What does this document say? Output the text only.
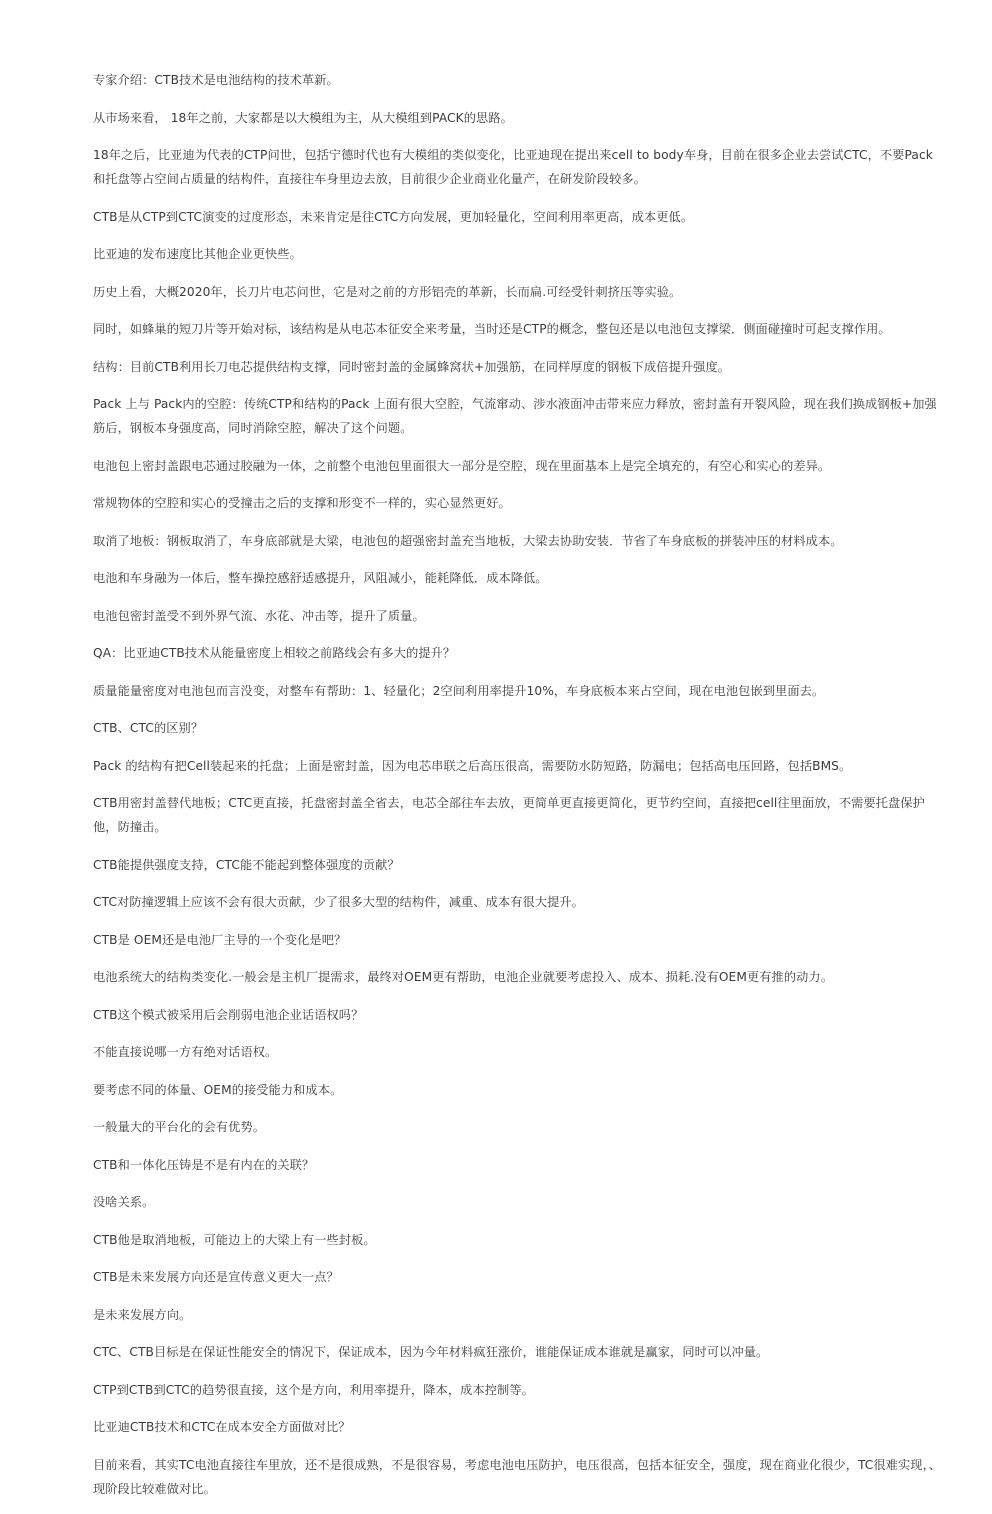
专家介绍：CTB技术是电池结构的技术革新。

从市场来看， 18年之前，大家都是以大模组为主，从大模组到PACK的思路。

18年之后，比亚迪为代表的CTP问世，包括宁德时代也有大模组的类似变化，比亚迪现在提出来cell to body车身，目前在很多企业去尝试CTC，不要Pack和托盘等占空间占质量的结构件，直接往车身里边去放，目前很少企业商业化量产，在研发阶段较多。

CTB是从CTP到CTC演变的过度形态，未来肯定是往CTC方向发展，更加轻量化，空间利用率更高，成本更低。

比亚迪的发布速度比其他企业更快些。

历史上看，大概2020年，长刀片电芯问世，它是对之前的方形铝壳的革新，长而扁.可经受针刺挤压等实验。

同时，如蜂巢的短刀片等开始对标，该结构是从电芯本征安全来考量，当时还是CTP的概念，整包还是以电池包支撑梁．侧面碰撞时可起支撑作用。

结构：目前CTB利用长刀电芯提供结构支撑，同时密封盖的金属蜂窝状+加强筋，在同样厚度的钢板下成倍提升强度。

Pack 上与 Pack内的空腔：传统CTP和结构的Pack 上面有很大空腔，气流窜动、涉水液面冲击带来应力释放，密封盖有开裂风险，现在我们换成钢板+加强筋后，钢板本身强度高，同时消除空腔，解决了这个问题。

电池包上密封盖跟电芯通过胶融为一体，之前整个电池包里面很大一部分是空腔，现在里面基本上是完全填充的，有空心和实心的差异。

常规物体的空腔和实心的受撞击之后的支撑和形变不一样的，实心显然更好。

取消了地板：钢板取消了，车身底部就是大梁，电池包的超强密封盖充当地板，大梁去协助安装．节省了车身底板的拼装冲压的材料成本。

电池和车身融为一体后，整车操控感舒适感提升，风阻减小，能耗降低．成本降低。

电池包密封盖受不到外界气流、水花、冲击等，提升了质量。

QA：比亚迪CTB技术从能量密度上相较之前路线会有多大的提升？

质量能量密度对电池包而言没变，对整车有帮助：1、轻量化；2空间利用率提升10%，车身底板本来占空间，现在电池包嵌到里面去。

CTB、CTC的区别？

Pack 的结构有把Cell装起来的托盘；上面是密封盖，因为电芯串联之后高压很高，需要防水防短路，防漏电；包括高电压回路，包括BMS。

CTB用密封盖替代地板；CTC更直接，托盘密封盖全省去，电芯全部往车去放，更简单更直接更简化，更节约空间，直接把cell往里面放，不需要托盘保护他，防撞击。

CTB能提供强度支持，CTC能不能起到整体强度的贡献？

CTC对防撞逻辑上应该不会有很大贡献，少了很多大型的结构件，减重、成本有很大提升。

CTB是 OEM还是电池厂主导的一个变化是吧？

电池系统大的结构类变化.一般会是主机厂提需求，最终对OEM更有帮助，电池企业就要考虑投入、成本、损耗.没有OEM更有推的动力。

CTB这个模式被采用后会削弱电池企业话语权吗？

不能直接说哪一方有绝对话语权。

要考虑不同的体量、OEM的接受能力和成本。

一般量大的平台化的会有优势。

CTB和一体化压铸是不是有内在的关联？

没啥关系。

CTB他是取消地板，可能边上的大梁上有一些封板。

CTB是未来发展方向还是宣传意义更大一点？

是未来发展方向。

CTC、CTB目标是在保证性能安全的情况下，保证成本，因为今年材料疯狂涨价，谁能保证成本谁就是赢家，同时可以冲量。

CTP到CTB到CTC的趋势很直接，这个是方向，利用率提升，降本，成本控制等。

比亚迪CTB技术和CTC在成本安全方面做对比？

目前来看，其实TC电池直接往车里放，还不是很成熟，不是很容易，考虑电池电压防护，电压很高，包括本征安全，强度，现在商业化很少，TC很难实现，、现阶段比较难做对比。
